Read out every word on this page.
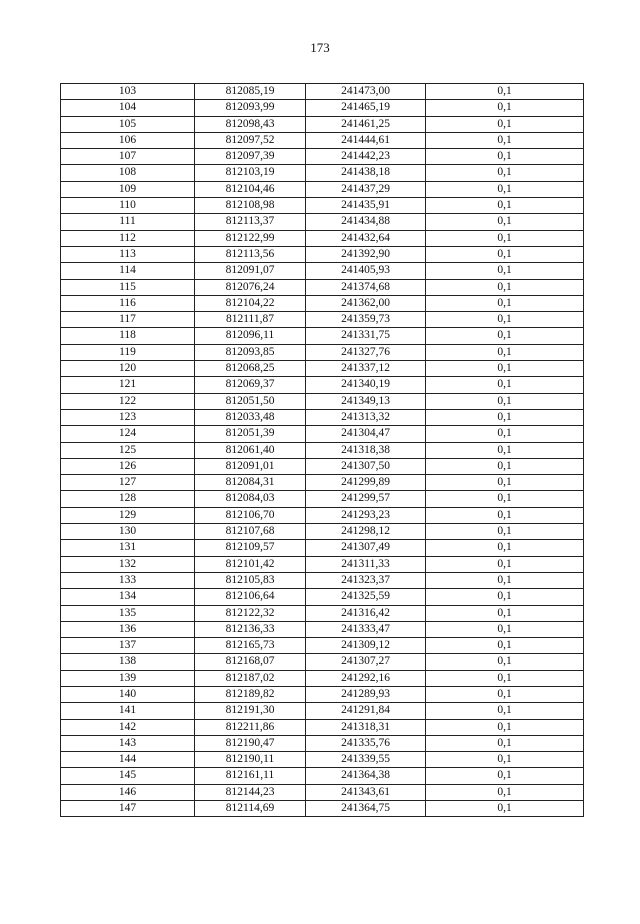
173
103	812085,19	241473,00	0,1
104	812093,99	241465,19	0,1
105	812098,43	241461,25	0,1
106	812097,52	241444,61	0,1
107	812097,39	241442,23	0,1
108	812103,19	241438,18	0,1
109	812104,46	241437,29	0,1
110	812108,98	241435,91	0,1
111	812113,37	241434,88	0,1
112	812122,99	241432,64	0,1
113	812113,56	241392,90	0,1
114	812091,07	241405,93	0,1
115	812076,24	241374,68	0,1
116	812104,22	241362,00	0,1
117	812111,87	241359,73	0,1
118	812096,11	241331,75	0,1
119	812093,85	241327,76	0,1
120	812068,25	241337,12	0,1
121	812069,37	241340,19	0,1
122	812051,50	241349,13	0,1
123	812033,48	241313,32	0,1
124	812051,39	241304,47	0,1
125	812061,40	241318,38	0,1
126	812091,01	241307,50	0,1
127	812084,31	241299,89	0,1
128	812084,03	241299,57	0,1
129	812106,70	241293,23	0,1
130	812107,68	241298,12	0,1
131	812109,57	241307,49	0,1
132	812101,42	241311,33	0,1
133	812105,83	241323,37	0,1
134	812106,64	241325,59	0,1
135	812122,32	241316,42	0,1
136	812136,33	241333,47	0,1
137	812165,73	241309,12	0,1
138	812168,07	241307,27	0,1
139	812187,02	241292,16	0,1
140	812189,82	241289,93	0,1
141	812191,30	241291,84	0,1
142	812211,86	241318,31	0,1
143	812190,47	241335,76	0,1
144	812190,11	241339,55	0,1
145	812161,11	241364,38	0,1
146	812144,23	241343,61	0,1
147	812114,69	241364,75	0,1
